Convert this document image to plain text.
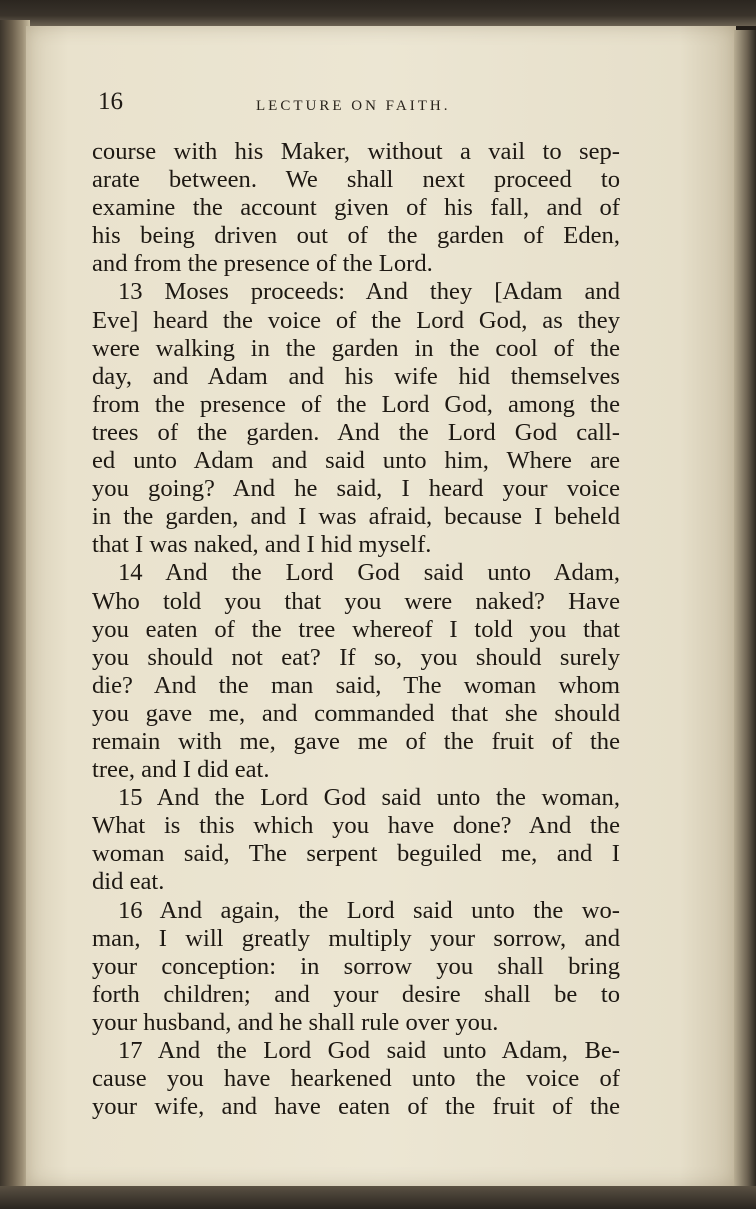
16	LECTURE ON FAITH.
course with his Maker, without a vail to sep-
arate between. We shall next proceed to
examine the account given of his fall, and of
his being driven out of the garden of Eden,
and from the presence of the Lord.
13 Moses proceeds: And they [Adam and
Eve] heard the voice of the Lord God, as they
were walking in the garden in the cool of the
day, and Adam and his wife hid themselves
from the presence of the Lord God, among the
trees of the garden. And the Lord God call-
ed unto Adam and said unto him, Where are
you going? And he said, I heard your voice
in the garden, and I was afraid, because I beheld
that I was naked, and I hid myself.
14 And the Lord God said unto Adam,
Who told you that you were naked? Have
you eaten of the tree whereof I told you that
you should not eat? If so, you should surely
die? And the man said, The woman whom
you gave me, and commanded that she should
remain with me, gave me of the fruit of the
tree, and I did eat.
15 And the Lord God said unto the woman,
What is this which you have done? And the
woman said, The serpent beguiled me, and I
did eat.
16 And again, the Lord said unto the wo-
man, I will greatly multiply your sorrow, and
your conception: in sorrow you shall bring
forth children; and your desire shall be to
your husband, and he shall rule over you.
17 And the Lord God said unto Adam, Be-
cause you have hearkened unto the voice of
your wife, and have eaten of the fruit of the
